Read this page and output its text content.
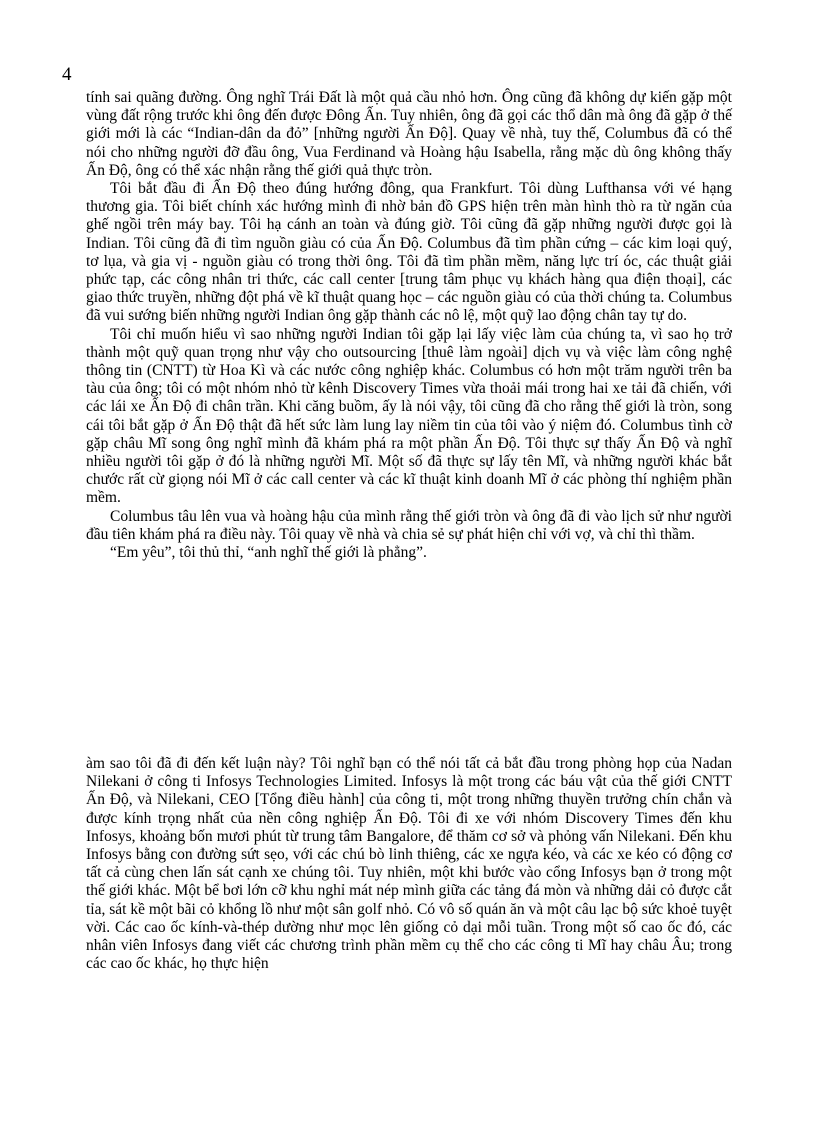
4

tính sai quãng đường. Ông nghĩ Trái Đất là một quả cầu nhỏ hơn. Ông cũng đã không dự kiến gặp một vùng đất rộng trước khi ông đến được Đông Ấn. Tuy nhiên, ông đã gọi các thổ dân mà ông đã gặp ở thế giới mới là các “Indian-dân da đỏ” [những người Ấn Độ]. Quay về nhà, tuy thế, Columbus đã có thể nói cho những người đỡ đầu ông, Vua Ferdinand và Hoàng hậu Isabella, rằng mặc dù ông không thấy Ấn Độ, ông có thể xác nhận rằng thế giới quả thực tròn.

Tôi bắt đầu đi Ấn Độ theo đúng hướng đông, qua Frankfurt. Tôi dùng Lufthansa với vé hạng thương gia. Tôi biết chính xác hướng mình đi nhờ bản đồ GPS hiện trên màn hình thò ra từ ngăn của ghế ngồi trên máy bay. Tôi hạ cánh an toàn và đúng giờ. Tôi cũng đã gặp những người được gọi là Indian. Tôi cũng đã đi tìm nguồn giàu có của Ấn Độ. Columbus đã tìm phần cứng – các kim loại quý, tơ lụa, và gia vị - nguồn giàu có trong thời ông. Tôi đã tìm phần mềm, năng lực trí óc, các thuật giải phức tạp, các công nhân tri thức, các call center [trung tâm phục vụ khách hàng qua điện thoại], các giao thức truyền, những đột phá về kĩ thuật quang học – các nguồn giàu có của thời chúng ta. Columbus đã vui sướng biến những người Indian ông gặp thành các nô lệ, một quỹ lao động chân tay tự do.

Tôi chỉ muốn hiểu vì sao những người Indian tôi gặp lại lấy việc làm của chúng ta, vì sao họ trở thành một quỹ quan trọng như vậy cho outsourcing [thuê làm ngoài] dịch vụ và việc làm công nghệ thông tin (CNTT) từ Hoa Kì và các nước công nghiệp khác. Columbus có hơn một trăm người trên ba tàu của ông; tôi có một nhóm nhỏ từ kênh Discovery Times vừa thoải mái trong hai xe tải đã chiến, với các lái xe Ấn Độ đi chân trần. Khi căng buồm, ấy là nói vậy, tôi cũng đã cho rằng thế giới là tròn, song cái tôi bắt gặp ở Ấn Độ thật đã hết sức làm lung lay niềm tin của tôi vào ý niệm đó. Columbus tình cờ gặp châu Mĩ song ông nghĩ mình đã khám phá ra một phần Ấn Độ. Tôi thực sự thấy Ấn Độ và nghĩ nhiều người tôi gặp ở đó là những người Mĩ. Một số đã thực sự lấy tên Mĩ, và những người khác bắt chước rất cừ giọng nói Mĩ ở các call center và các kĩ thuật kinh doanh Mĩ ở các phòng thí nghiệm phần mềm.

Columbus tâu lên vua và hoàng hậu của mình rằng thế giới tròn và ông đã đi vào lịch sử như người đầu tiên khám phá ra điều này. Tôi quay về nhà và chia sẻ sự phát hiện chỉ với vợ, và chỉ thì thầm.

“Em yêu”, tôi thủ thỉ, “anh nghĩ thế giới là phẳng”.

àm sao tôi đã đi đến kết luận này? Tôi nghĩ bạn có thể nói tất cả bắt đầu trong phòng họp của Nadan Nilekani ở công ti Infosys Technologies Limited. Infosys là một trong các báu vật của thế giới CNTT Ấn Độ, và Nilekani, CEO [Tổng điều hành] của công ti, một trong những thuyền trưởng chín chắn và được kính trọng nhất của nền công nghiệp Ấn Độ. Tôi đi xe với nhóm Discovery Times đến khu Infosys, khoảng bốn mươi phút từ trung tâm Bangalore, để thăm cơ sở và phỏng vấn Nilekani. Đến khu Infosys bằng con đường sứt sẹo, với các chú bò linh thiêng, các xe ngựa kéo, và các xe kéo có động cơ tất cả cùng chen lấn sát cạnh xe chúng tôi. Tuy nhiên, một khi bước vào cổng Infosys bạn ở trong một thế giới khác. Một bể bơi lớn cỡ khu nghỉ mát nép mình giữa các tảng đá mòn và những dải cỏ được cắt tỉa, sát kề một bãi cỏ khổng lồ như một sân golf nhỏ. Có vô số quán ăn và một câu lạc bộ sức khoẻ tuyệt vời. Các cao ốc kính-và-thép dường như mọc lên giống cỏ dại mỗi tuần. Trong một số cao ốc đó, các nhân viên Infosys đang viết các chương trình phần mềm cụ thể cho các công ti Mĩ hay châu Âu; trong các cao ốc khác, họ thực hiện
